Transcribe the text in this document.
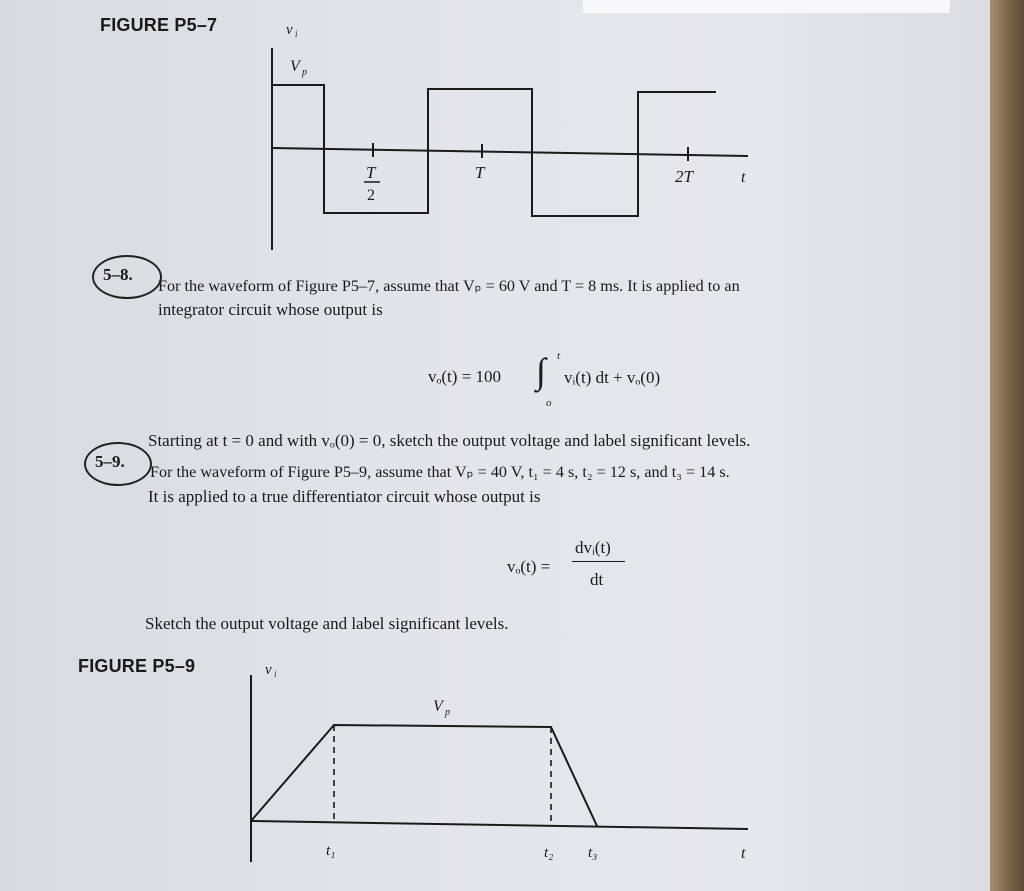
FIGURE P5–7	v i
V p
T
2
T	2T	t
5–8.
For the waveform of Figure P5–7, assume that Vₚ = 60 V and T = 8 ms. It is applied to an
integrator circuit whose output is
vₒ(t) = 100 ∫ t
o
vᵢ(t) dt + vₒ(0)
Starting at t = 0 and with vₒ(0) = 0, sketch the output voltage and label significant levels.
5–9.
For the waveform of Figure P5–9, assume that Vₚ = 40 V, t₁ = 4 s, t₂ = 12 s, and t₃ = 14 s.
It is applied to a true differentiator circuit whose output is
vₒ(t) =
dvᵢ(t)
dt
Sketch the output voltage and label significant levels.
FIGURE P5–9	v i
V p
t₁	t₂ t₃	t
